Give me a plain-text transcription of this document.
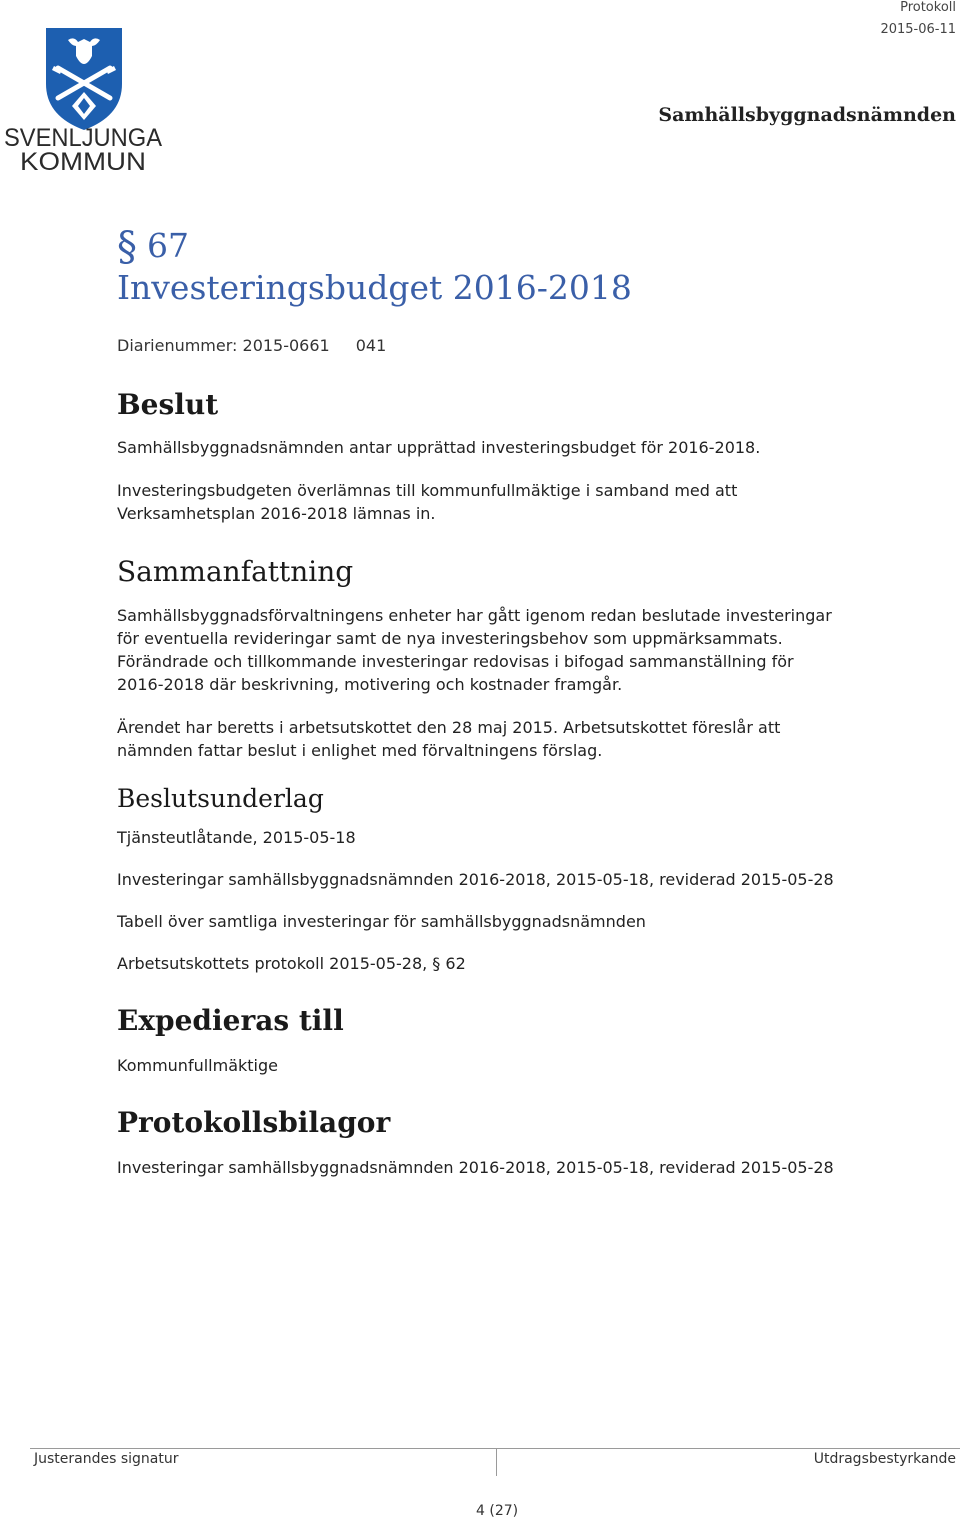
SVENLJUNGA
KOMMUN
Protokoll
2015-06-11
Samhällsbyggnadsnämnden
§ 67
Investeringsbudget 2016-2018
Diarienummer: 2015-0661 041
Beslut

Samhällsbyggnadsnämnden antar upprättad investeringsbudget för 2016-2018.

Investeringsbudgeten överlämnas till kommunfullmäktige i samband med att

Verksamhetsplan 2016-2018 lämnas in.

Sammanfattning

Samhällsbyggnadsförvaltningens enheter har gått igenom redan beslutade investeringar

för eventuella revideringar samt de nya investeringsbehov som uppmärksammats.

Förändrade och tillkommande investeringar redovisas i bifogad sammanställning för

2016-2018 där beskrivning, motivering och kostnader framgår.

Ärendet har beretts i arbetsutskottet den 28 maj 2015. Arbetsutskottet föreslår att

nämnden fattar beslut i enlighet med förvaltningens förslag.

Beslutsunderlag

Tjänsteutlåtande, 2015-05-18

Investeringar samhällsbyggnadsnämnden 2016-2018, 2015-05-18, reviderad 2015-05-28

Tabell över samtliga investeringar för samhällsbyggnadsnämnden

Arbetsutskottets protokoll 2015-05-28, § 62

Expedieras till

Kommunfullmäktige

Protokollsbilagor

Investeringar samhällsbyggnadsnämnden 2016-2018, 2015-05-18, reviderad 2015-05-28

Justerandes signatur	Utdragsbestyrkande
4 (27)
